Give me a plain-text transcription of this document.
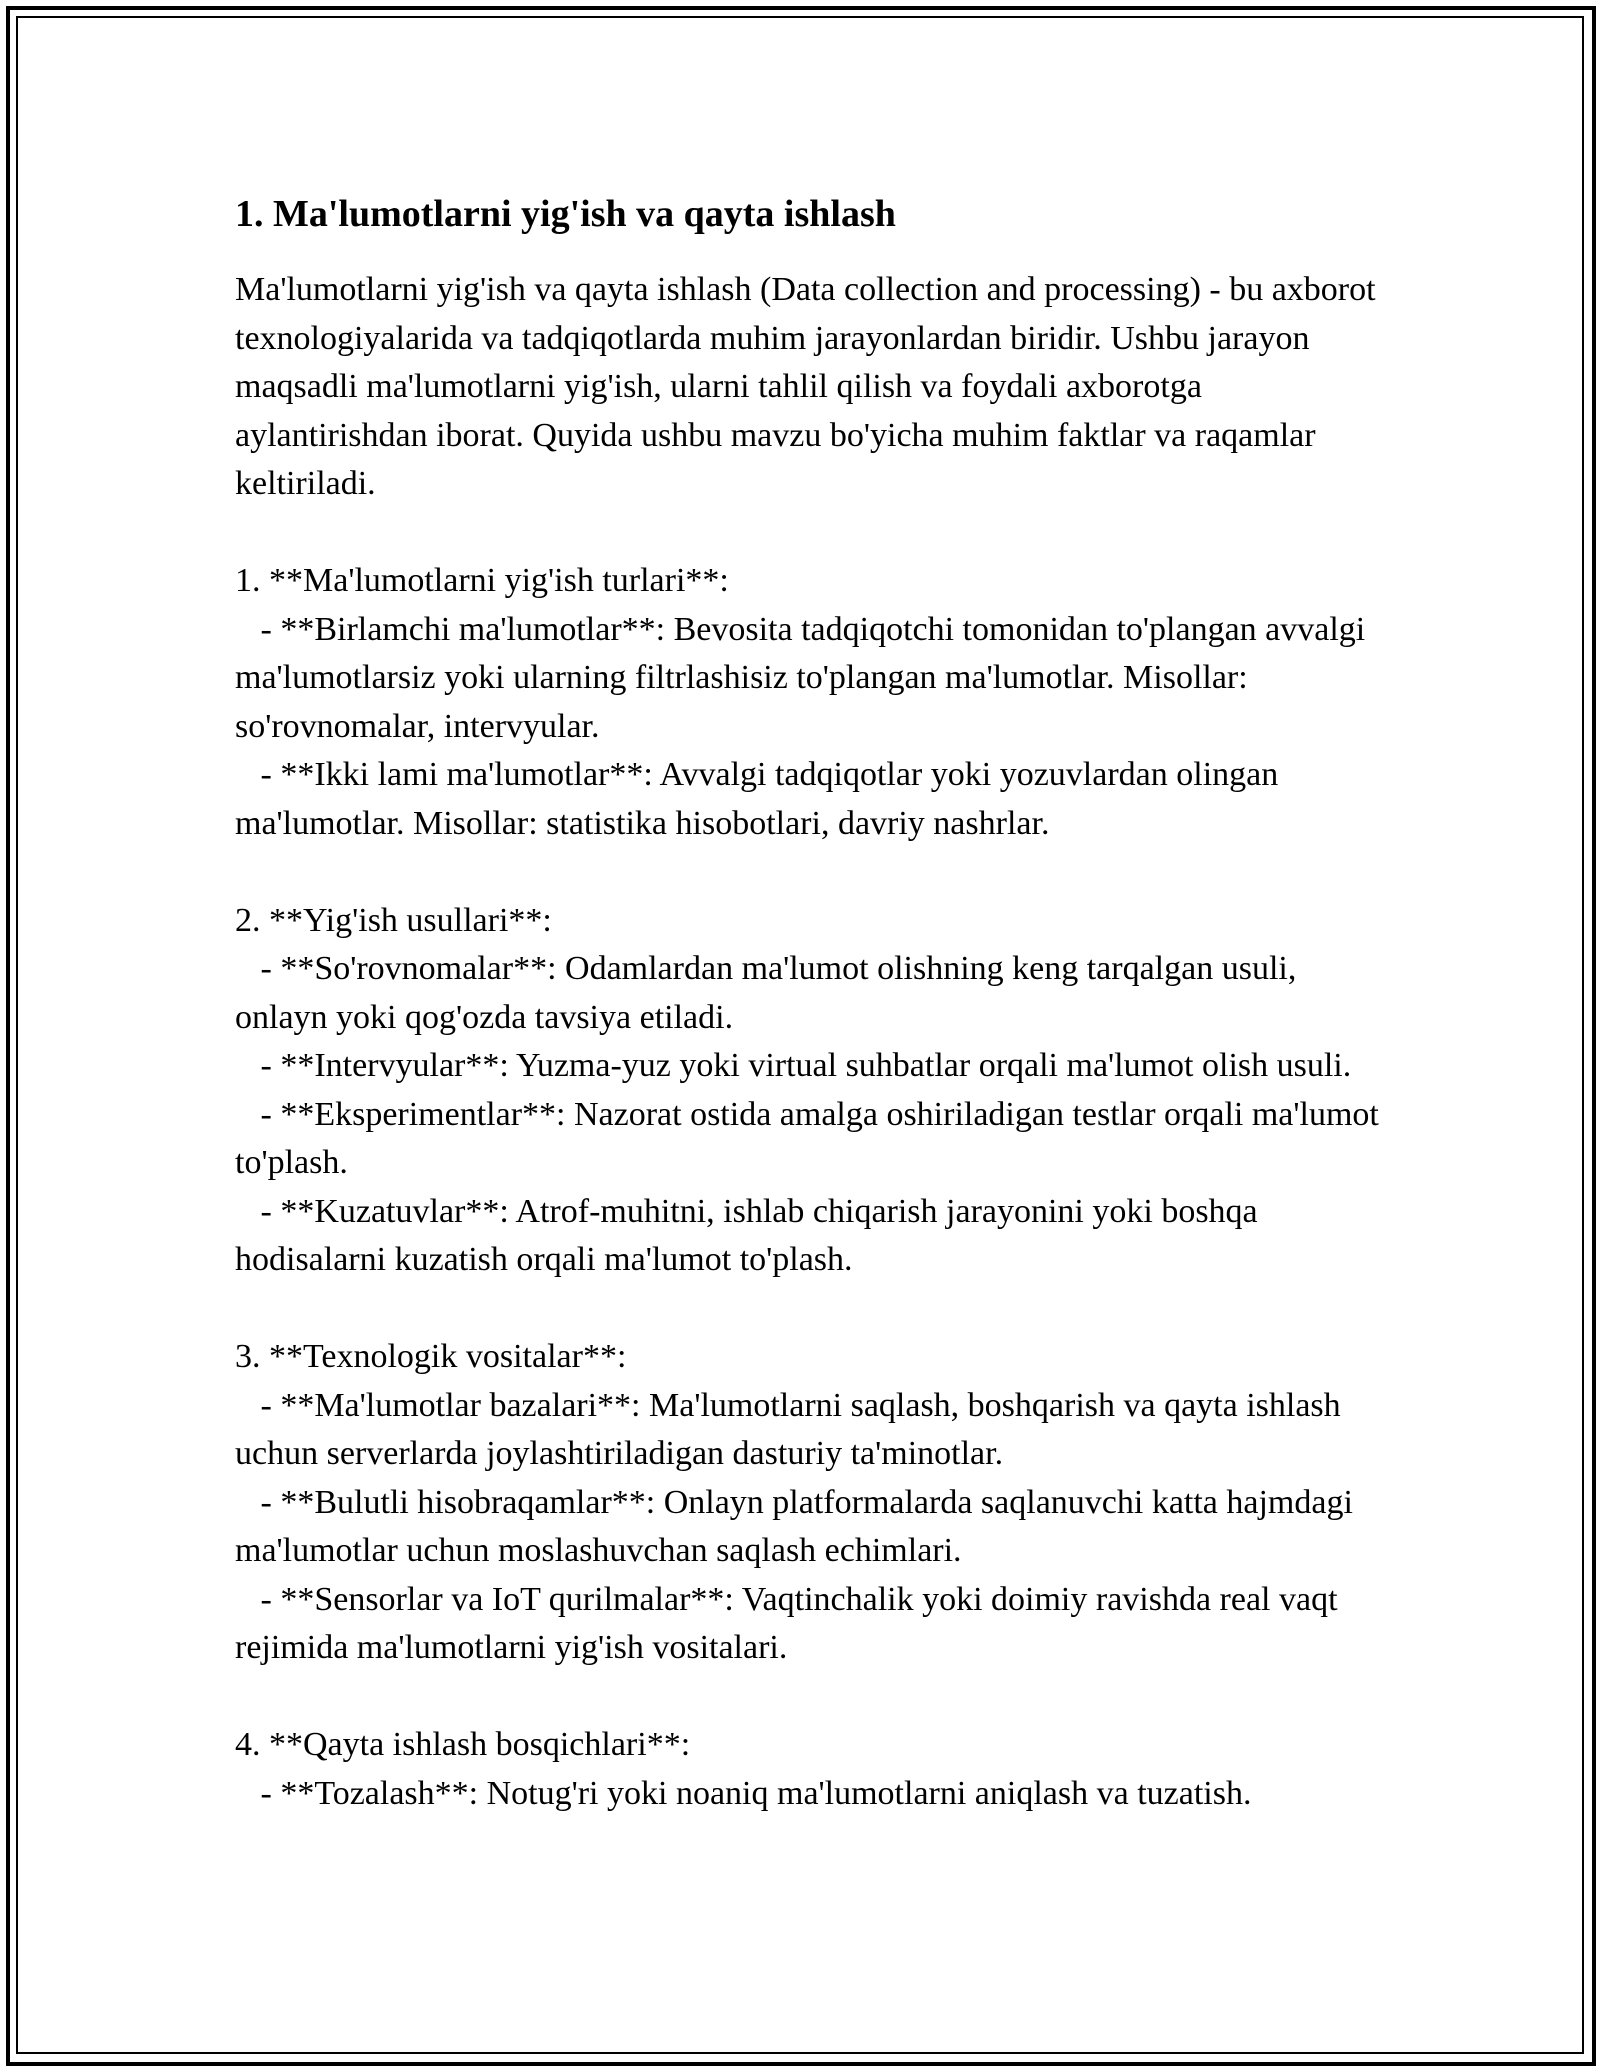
1. Ma'lumotlarni yig'ish va qayta ishlash

Ma'lumotlarni yig'ish va qayta ishlash (Data collection and processing) - bu axborot texnologiyalarida va tadqiqotlarda muhim jarayonlardan biridir. Ushbu jarayon maqsadli ma'lumotlarni yig'ish, ularni tahlil qilish va foydali axborotga aylantirishdan iborat. Quyida ushbu mavzu bo'yicha muhim faktlar va raqamlar keltiriladi.

1. **Ma'lumotlarni yig'ish turlari**:

- **Birlamchi ma'lumotlar**: Bevosita tadqiqotchi tomonidan to'plangan avvalgi ma'lumotlarsiz yoki ularning filtrlashisiz to'plangan ma'lumotlar. Misollar: so'rovnomalar, intervyular.

- **Ikki lami ma'lumotlar**: Avvalgi tadqiqotlar yoki yozuvlardan olingan ma'lumotlar. Misollar: statistika hisobotlari, davriy nashrlar.

2. **Yig'ish usullari**:

- **So'rovnomalar**: Odamlardan ma'lumot olishning keng tarqalgan usuli, onlayn yoki qog'ozda tavsiya etiladi.

- **Intervyular**: Yuzma-yuz yoki virtual suhbatlar orqali ma'lumot olish usuli.

- **Eksperimentlar**: Nazorat ostida amalga oshiriladigan testlar orqali ma'lumot to'plash.

- **Kuzatuvlar**: Atrof-muhitni, ishlab chiqarish jarayonini yoki boshqa hodisalarni kuzatish orqali ma'lumot to'plash.

3. **Texnologik vositalar**:

- **Ma'lumotlar bazalari**: Ma'lumotlarni saqlash, boshqarish va qayta ishlash uchun serverlarda joylashtiriladigan dasturiy ta'minotlar.

- **Bulutli hisobraqamlar**: Onlayn platformalarda saqlanuvchi katta hajmdagi ma'lumotlar uchun moslashuvchan saqlash echimlari.

- **Sensorlar va IoT qurilmalar**: Vaqtinchalik yoki doimiy ravishda real vaqt rejimida ma'lumotlarni yig'ish vositalari.

4. **Qayta ishlash bosqichlari**:

- **Tozalash**: Notug'ri yoki noaniq ma'lumotlarni aniqlash va tuzatish.
